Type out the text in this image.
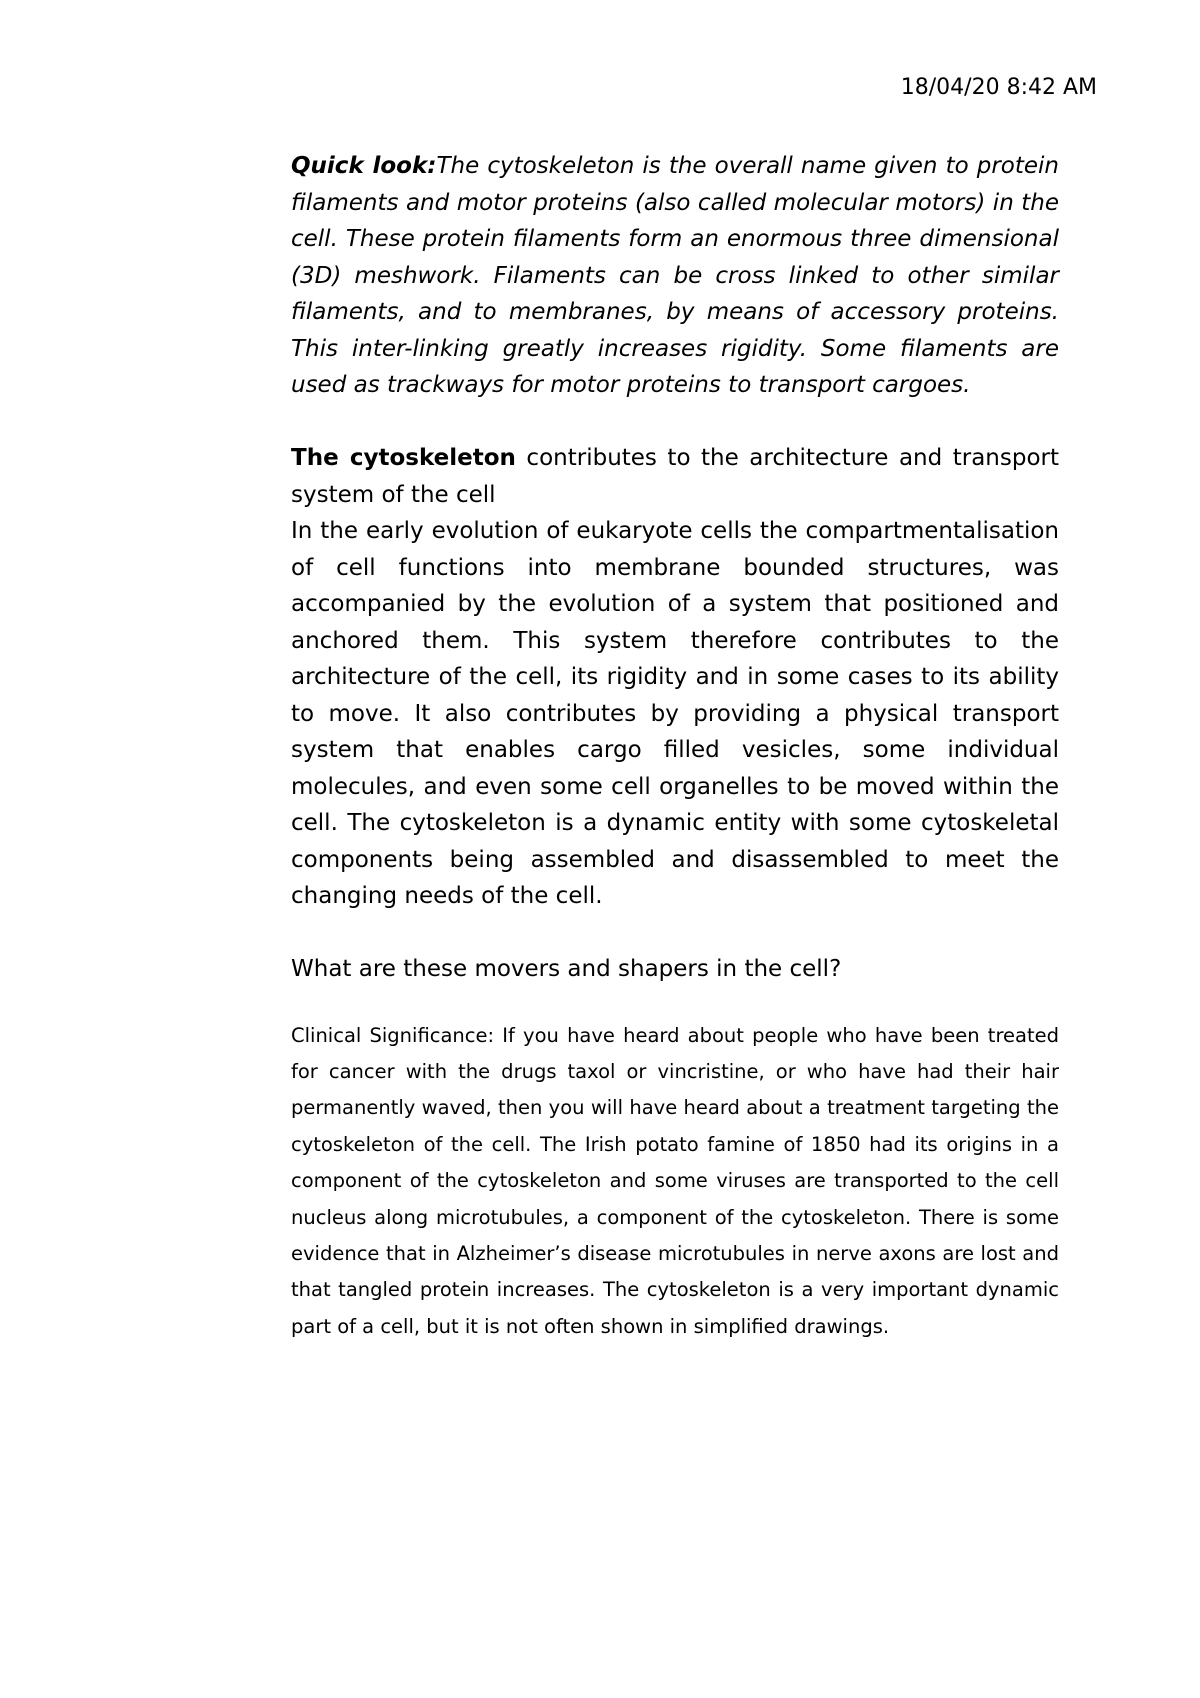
18/04/20 8:42 AM

Quick look:The cytoskeleton is the overall name given to protein filaments and motor proteins (also called molecular motors) in the cell. These protein filaments form an enormous three dimensional (3D) meshwork. Filaments can be cross linked to other similar filaments, and to membranes, by means of accessory proteins. This inter-linking greatly increases rigidity. Some filaments are used as trackways for motor proteins to transport cargoes.

The cytoskeleton contributes to the architecture and transport system of the cell

In the early evolution of eukaryote cells the compartmentalisation of cell functions into membrane bounded structures, was accompanied by the evolution of a system that positioned and anchored them. This system therefore contributes to the architecture of the cell, its rigidity and in some cases to its ability to move. It also contributes by providing a physical transport system that enables cargo filled vesicles, some individual molecules, and even some cell organelles to be moved within the cell. The cytoskeleton is a dynamic entity with some cytoskeletal components being assembled and disassembled to meet the changing needs of the cell.

What are these movers and shapers in the cell?

Clinical Significance: If you have heard about people who have been treated for cancer with the drugs taxol or vincristine, or who have had their hair permanently waved, then you will have heard about a treatment targeting the cytoskeleton of the cell. The Irish potato famine of 1850 had its origins in a component of the cytoskeleton and some viruses are transported to the cell nucleus along microtubules, a component of the cytoskeleton. There is some evidence that in Alzheimer’s disease microtubules in nerve axons are lost and that tangled protein increases. The cytoskeleton is a very important dynamic part of a cell, but it is not often shown in simplified drawings.
